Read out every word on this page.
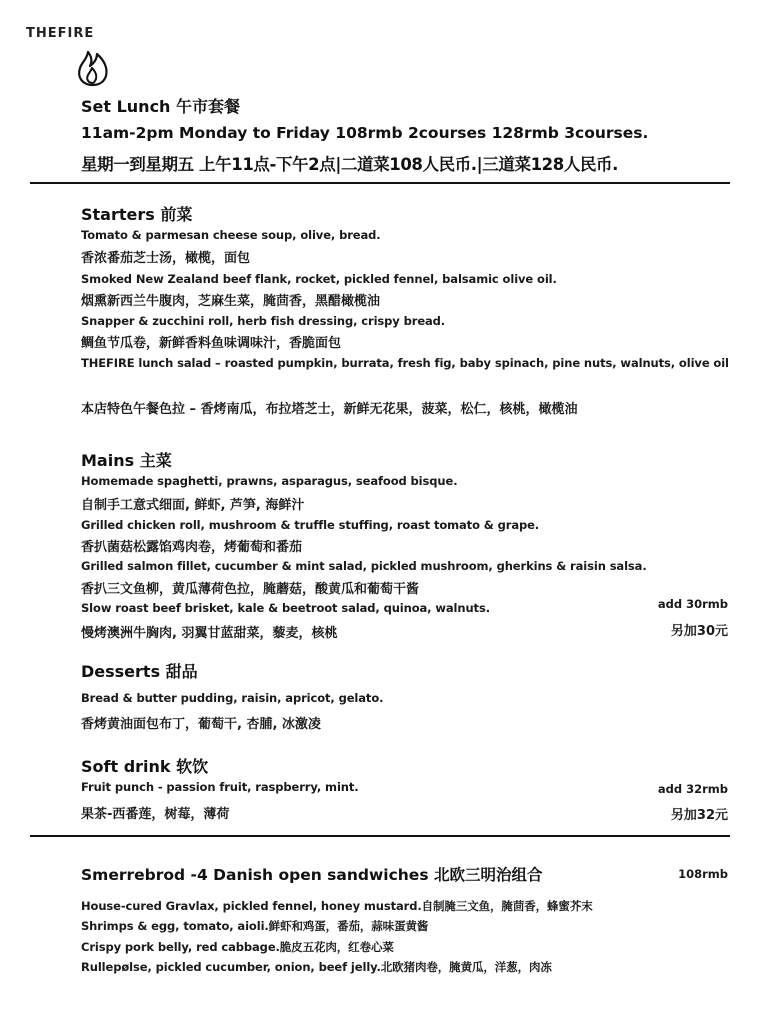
THEFIRE
Set Lunch 午市套餐
11am-2pm Monday to Friday 108rmb 2courses 128rmb 3courses.
星期一到星期五 上午11点-下午2点|二道菜108人民币.|三道菜128人民币.
Starters 前菜
Tomato & parmesan cheese soup, olive, bread.
香浓番茄芝士汤，橄榄，面包
Smoked New Zealand beef flank, rocket, pickled fennel, balsamic olive oil.
烟熏新西兰牛腹肉，芝麻生菜，腌茴香，黑醋橄榄油
Snapper & zucchini roll, herb fish dressing, crispy bread.
鲷鱼节瓜卷，新鲜香料鱼味调味汁，香脆面包
THEFIRE lunch salad – roasted pumpkin, burrata, fresh fig, baby spinach, pine nuts, walnuts, olive oil
本店特色午餐色拉 – 香烤南瓜，布拉塔芝士，新鲜无花果，菠菜，松仁，核桃，橄榄油
Mains 主菜
Homemade spaghetti, prawns, asparagus, seafood bisque.
自制手工意式细面, 鲜虾, 芦笋, 海鲜汁
Grilled chicken roll, mushroom & truffle stuffing, roast tomato & grape.
香扒菌菇松露馅鸡肉卷，烤葡萄和番茄
Grilled salmon fillet, cucumber & mint salad, pickled mushroom, gherkins & raisin salsa.
香扒三文鱼柳，黄瓜薄荷色拉，腌蘑菇，酸黄瓜和葡萄干酱
Slow roast beef brisket, kale & beetroot salad, quinoa, walnuts.	add 30rmb
慢烤澳洲牛胸肉, 羽翼甘蓝甜菜，藜麦，核桃	另加30元
Desserts 甜品
Bread & butter pudding, raisin, apricot, gelato.
香烤黄油面包布丁，葡萄干, 杏脯, 冰激凌
Soft drink 软饮
Fruit punch - passion fruit, raspberry, mint.	add 32rmb
果茶-西番莲，树莓，薄荷	另加32元
Smerrebrod -4 Danish open sandwiches 北欧三明治组合	108rmb
House-cured Gravlax, pickled fennel, honey mustard.自制腌三文鱼，腌茴香，蜂蜜芥末
Shrimps & egg, tomato, aioli.鲜虾和鸡蛋，番茄，蒜味蛋黄酱
Crispy pork belly, red cabbage.脆皮五花肉，红卷心菜
Rullepølse, pickled cucumber, onion, beef jelly.北欧猪肉卷，腌黄瓜，洋葱，肉冻
